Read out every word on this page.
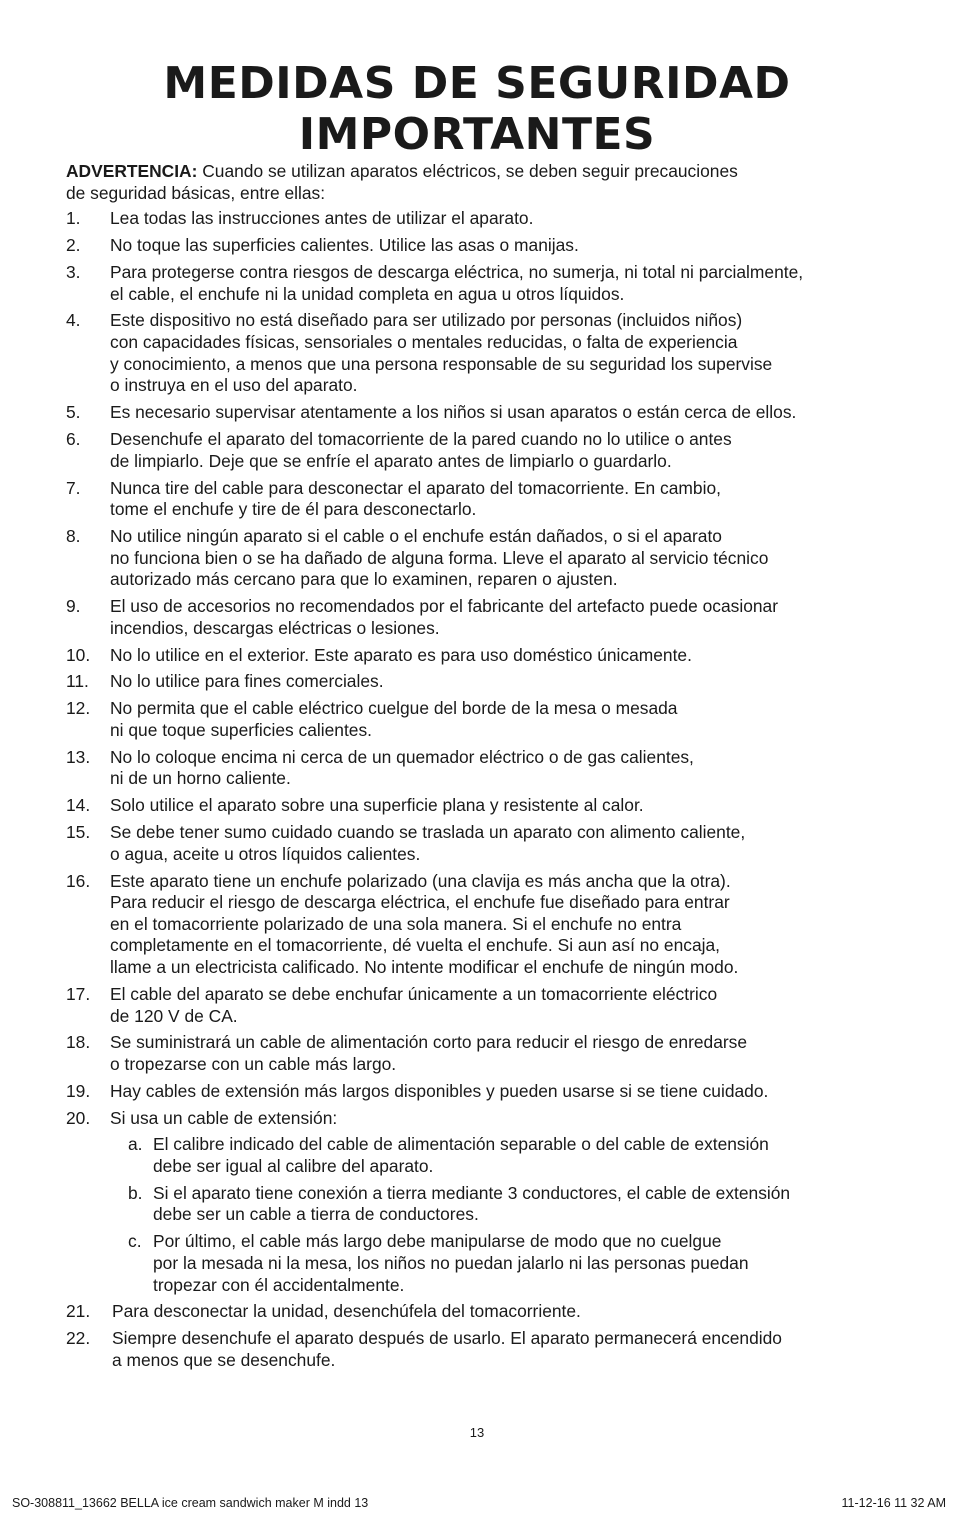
MEDIDAS DE SEGURIDAD
IMPORTANTES

ADVERTENCIA: Cuando se utilizan aparatos eléctricos, se deben seguir precauciones
de seguridad básicas, entre ellas:

1. Lea todas las instrucciones antes de utilizar el aparato.
2. No toque las superficies calientes. Utilice las asas o manijas.
3. Para protegerse contra riesgos de descarga eléctrica, no sumerja, ni total ni parcialmente,
el cable, el enchufe ni la unidad completa en agua u otros líquidos.
4. Este dispositivo no está diseñado para ser utilizado por personas (incluidos niños)
con capacidades físicas, sensoriales o mentales reducidas, o falta de experiencia
y conocimiento, a menos que una persona responsable de su seguridad los supervise
o instruya en el uso del aparato.
5. Es necesario supervisar atentamente a los niños si usan aparatos o están cerca de ellos.
6. Desenchufe el aparato del tomacorriente de la pared cuando no lo utilice o antes
de limpiarlo. Deje que se enfríe el aparato antes de limpiarlo o guardarlo.
7. Nunca tire del cable para desconectar el aparato del tomacorriente. En cambio,
tome el enchufe y tire de él para desconectarlo.
8. No utilice ningún aparato si el cable o el enchufe están dañados, o si el aparato
no funciona bien o se ha dañado de alguna forma. Lleve el aparato al servicio técnico
autorizado más cercano para que lo examinen, reparen o ajusten.
9. El uso de accesorios no recomendados por el fabricante del artefacto puede ocasionar
incendios, descargas eléctricas o lesiones.
10. No lo utilice en el exterior. Este aparato es para uso doméstico únicamente.
11. No lo utilice para fines comerciales.
12. No permita que el cable eléctrico cuelgue del borde de la mesa o mesada
ni que toque superficies calientes.
13. No lo coloque encima ni cerca de un quemador eléctrico o de gas calientes,
ni de un horno caliente.
14. Solo utilice el aparato sobre una superficie plana y resistente al calor.
15. Se debe tener sumo cuidado cuando se traslada un aparato con alimento caliente,
o agua, aceite u otros líquidos calientes.
16. Este aparato tiene un enchufe polarizado (una clavija es más ancha que la otra).
Para reducir el riesgo de descarga eléctrica, el enchufe fue diseñado para entrar
en el tomacorriente polarizado de una sola manera. Si el enchufe no entra
completamente en el tomacorriente, dé vuelta el enchufe. Si aun así no encaja,
llame a un electricista calificado. No intente modificar el enchufe de ningún modo.
17. El cable del aparato se debe enchufar únicamente a un tomacorriente eléctrico
de 120 V de CA.
18. Se suministrará un cable de alimentación corto para reducir el riesgo de enredarse
o tropezarse con un cable más largo.
19. Hay cables de extensión más largos disponibles y pueden usarse si se tiene cuidado.
20. Si usa un cable de extensión:
a. El calibre indicado del cable de alimentación separable o del cable de extensión
debe ser igual al calibre del aparato.
b. Si el aparato tiene conexión a tierra mediante 3 conductores, el cable de extensión
debe ser un cable a tierra de conductores.
c. Por último, el cable más largo debe manipularse de modo que no cuelgue
por la mesada ni la mesa, los niños no puedan jalarlo ni las personas puedan
tropezar con él accidentalmente.
21. Para desconectar la unidad, desenchúfela del tomacorriente.
22. Siempre desenchufe el aparato después de usarlo. El aparato permanecerá encendido
a menos que se desenchufe.
13
SO-308811_13662 BELLA ice cream sandwich maker M indd 13	11-12-16 11 32 AM
